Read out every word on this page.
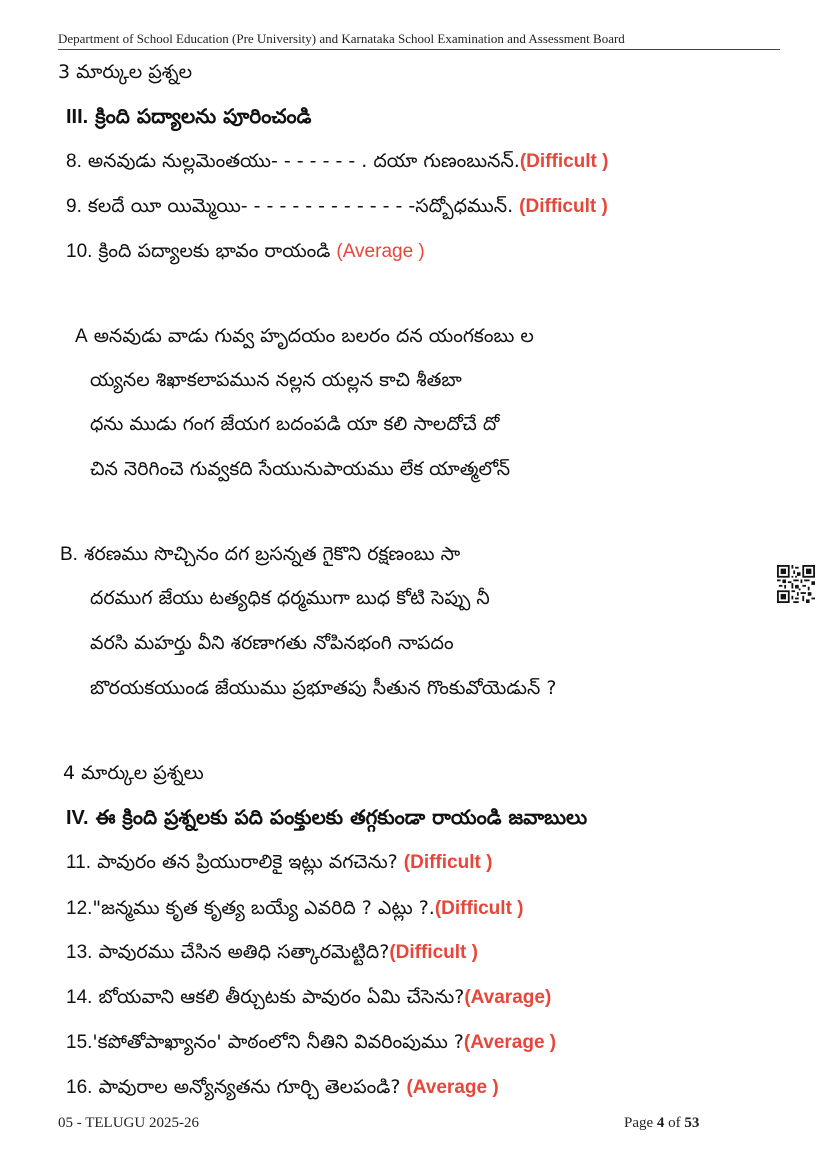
Department of School Education (Pre University) and Karnataka School Examination and Assessment Board
3 మార్కుల ప్రశ్నల
III. క్రింది పద్యాలను పూరించండి
8. అనవుడు నుల్లమెంతయు- - - - - - - . దయా గుణంబునన్.(Difficult )
9. కలదే యీ యిమ్మెయి- - - - - - - - - - - - - -సద్బోధమున్. (Difficult )
10. క్రింది పద్యాలకు భావం రాయండి (Average )
A అనవుడు వాడు గువ్వ హృదయం బలరం దన యంగకంబు ల
య్యనల శిఖాకలాపమున నల్లన యల్లన కాచి శీతబా
ధను ముడు గంగ జేయగ బదంపడి యా కలి సాలదోచే దో
చిన నెరిగించె గువ్వకది సేయునుపాయము లేక యాత్మలోన్
B. శరణము సొచ్చినం దగ బ్రసన్నత గైకొని రక్షణంబు సా
దరముగ జేయు టత్యధిక ధర్మముగా బుధ కోటి సెప్పు నీ
వరసి మహర్తు వీని శరణాగతు నోపినభంగి నాపదం
బొరయకయుండ జేయుము ప్రభూతపు సీతున గొంకువోయెడున్ ?
4 మార్కుల ప్రశ్నలు
IV. ఈ క్రింది ప్రశ్నలకు పది పంక్తులకు తగ్గకుండా రాయండి జవాబులు
11. పావురం తన ప్రియురాలికై ఇట్లు వగచెను? (Difficult )
12."జన్మము కృత కృత్య బయ్యే ఎవరిది ? ఎట్లు ?.(Difficult )
13. పావురము చేసిన అతిధి సత్కారమెట్టిది?(Difficult )
14. బోయవాని ఆకలి తీర్చుటకు పావురం ఏమి చేసెను?(Avarage)
15.'కపోతోపాఖ్యానం' పాఠంలోని నీతిని వివరింపుము ?(Average )
16. పావురాల అన్యోన్యతను గూర్చి తెలపండి? (Average )
05 - TELUGU 2025-26	Page 4 of 53
